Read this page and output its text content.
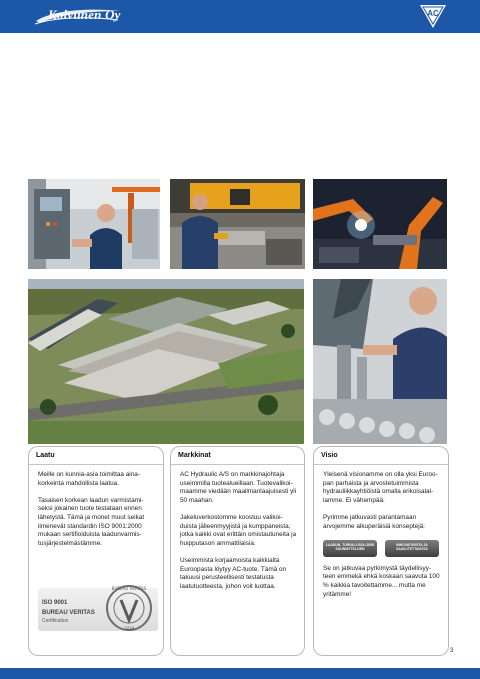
Kolvunen Oy	AC
Laatu

Meille on kunnia-asia toimittaa aina-korkeinta mahdollista laatua.

Tasaisen korkean laadun varmistami-seksi jokainen tuote testataan ennen lähetystä. Tämä ja monet muut seikat ilmenevät standardin ISO 9001:2000 mukaan sertifioiduista laadunvarmis-tusjärjestelmästämme.

ISO 9001
BUREAU VERITAS
Certification
BUREAU VERITAS
1828
Markkinat

AC Hydraulic A/S on markkinajohtaja useimmilla tuotealueillaan. Tuotevalikoi-maamme viedään maailmanlaajuisesti yli 50 maahan.

Jakeluverkostomme koostuu valikoi-duista jälleenmyyjistä ja kumppaneista, jotka kaikki ovat erittäin omistautuneita ja huipputason ammattilaisia.

Useimmista korjaamoista kaikkialta Euroopasta löytyy AC-tuote. Tämä on takuusi perusteellisesti testatusta laatutuotteesta, johon voit luottaa.

Visio

Yleisenä visionamme on olla yksi Euroo-pan parhaista ja arvostetuimmista hydrauliikkayhtiöistä omalla erikoisalal-lamme. Ei vähempää.

Pyrimme jatkuvasti parantamaan arvojemme alkuperäisiä konseptejä:

LAADUN, TURVALLISUU-DEN SUUNNITTELIJEN
INNOVATIIVISTA JA SAAVUTETTAVISTA

Se on jatkuvaa pyrkimystä täydellisyy-teen emmekä ehkä koskaan saavuta 100 % kaikkia tavoitettamme... mutta me yritämme!

3
